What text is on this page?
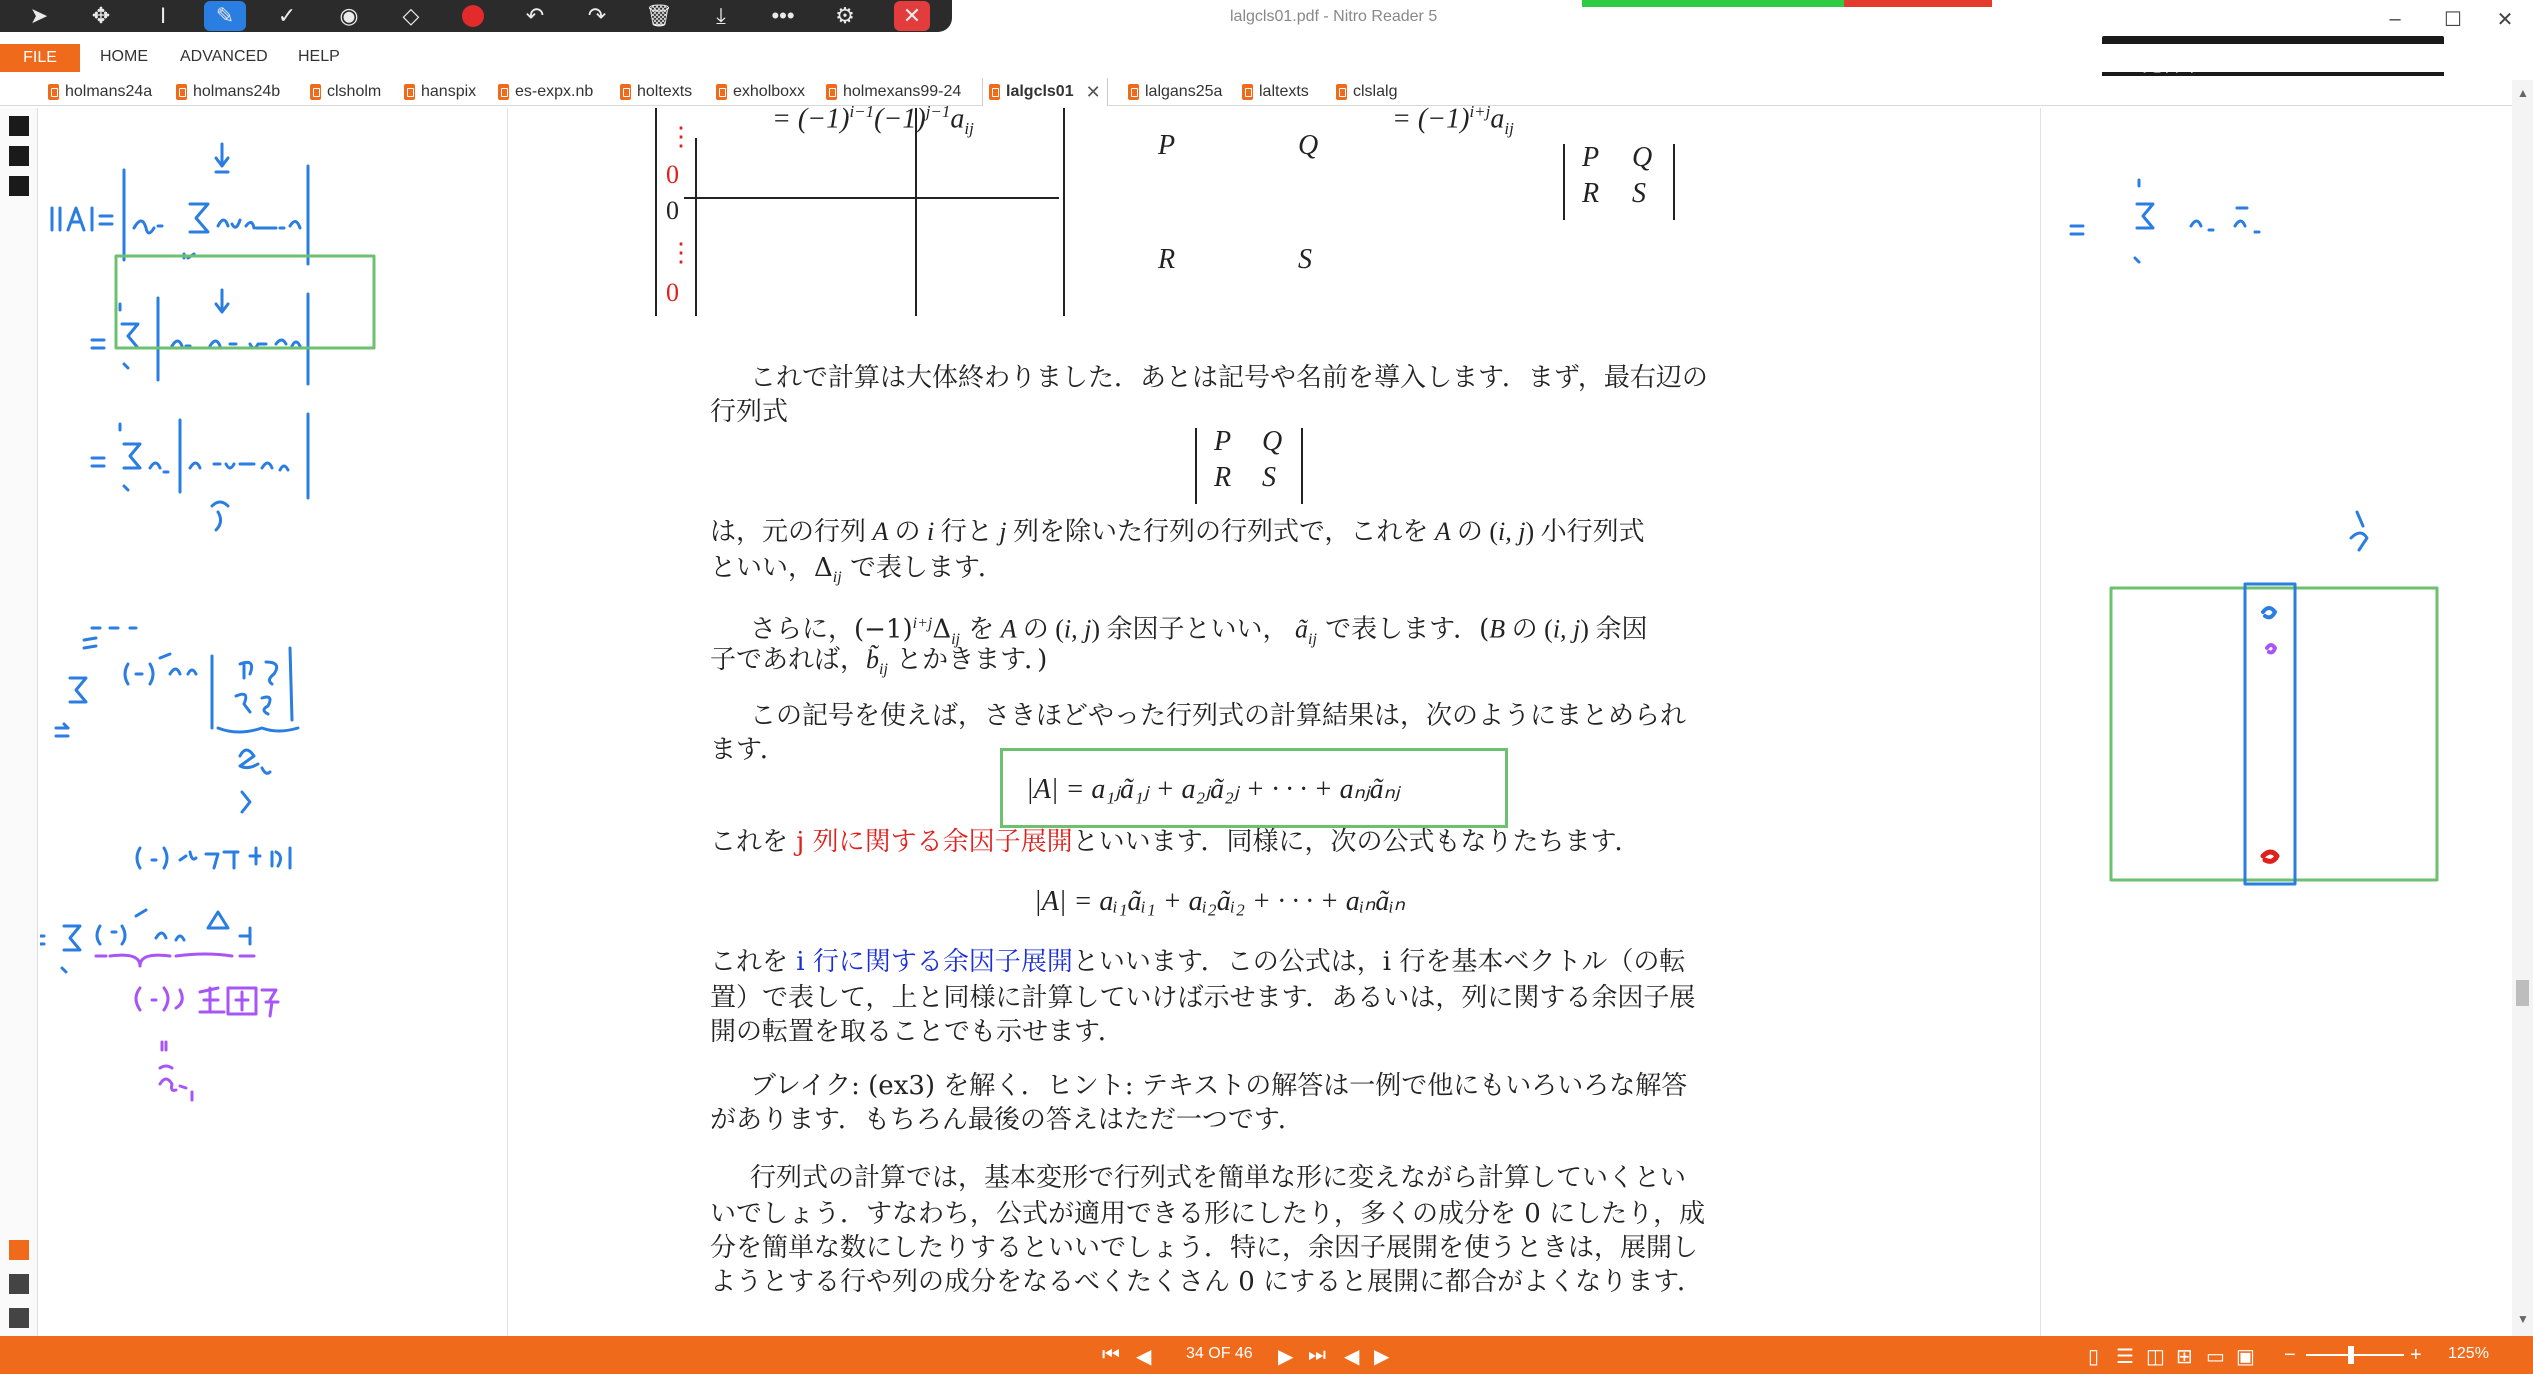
lalgcls01.pdf - Nitro Reader 5	–	☐	✕
➤	✥	I	✎	✓	◉	◇	↶	↷	🗑	⤓	•••	⚙	✕
FILE	HOME ADVANCED HELP
holmans24a	holmans24b	clsholm hanspix es-expx.nb	holtexts	exholboxx holmexans99-24	lalgcls01 ✕	lalgans25a laltexts	clslalg
= $(-1)^{i-1}(-1)^{j-1}a_{ij}$
⋮
0
0
⋮
0
P	Q
R	S
= $(-1)^{i+j}a_{ij}$
P Q
R S
これで計算は大体終わりました．あとは記号や名前を導入します．まず，最右辺の
行列式
P Q
R S
は，元の行列 A の i 行と j 列を除いた行列の行列式で，これを A の (i, j) 小行列式
といい，$\Delta_{ij}$ で表します．
さらに，$(-1)^{i+j}\Delta_{ij}$ を A の (i, j) 余因子といい， $ã_{ij}$ で表します．(B の (i, j) 余因
子であれば，$b̃_{ij}$ とかきます．)
この記号を使えば，さきほどやった行列式の計算結果は，次のようにまとめられ
ます．
|A| = a₁ⱼã₁ⱼ + a₂ⱼã₂ⱼ + · · · + aₙⱼãₙⱼ
これを j 列に関する余因子展開といいます．同様に，次の公式もなりたちます．
|A| = aᵢ₁ãᵢ₁ + aᵢ₂ãᵢ₂ + · · · + aᵢₙãᵢₙ
これを i 行に関する余因子展開といいます．この公式は，i 行を基本ベクトル（の転
置）で表して，上と同様に計算していけば示せます．あるいは，列に関する余因子展
開の転置を取ることでも示せます．
ブレイク: (ex3) を解く．ヒント: テキストの解答は一例で他にもいろいろな解答
があります．もちろん最後の答えはただ一つです．
行列式の計算では，基本変形で行列式を簡単な形に変えながら計算していくとい
いでしょう．すなわち，公式が適用できる形にしたり，多くの成分を 0 にしたり，成
分を簡単な数にしたりするといいでしょう．特に，余因子展開を使うときは，展開し
ようとする行や列の成分をなるべくたくさん 0 にすると展開に都合がよくなります．
▲
▼
⏮ ◀ 34 OF 46 ▶ ⏭ ◀ ▶	▯ ☰ ◫ ⊞ ▭ ▣ −	+ 125%
